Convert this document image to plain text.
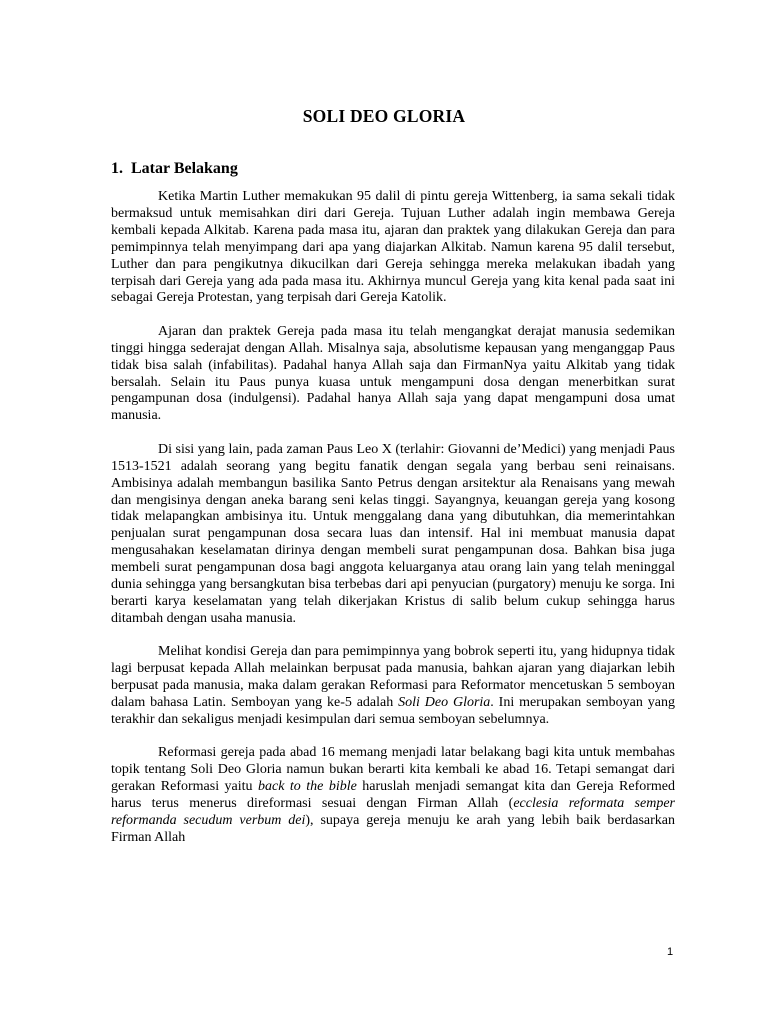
SOLI DEO GLORIA
1. Latar Belakang

Ketika Martin Luther memakukan 95 dalil di pintu gereja Wittenberg, ia sama sekali tidak bermaksud untuk memisahkan diri dari Gereja. Tujuan Luther adalah ingin membawa Gereja kembali kepada Alkitab. Karena pada masa itu, ajaran dan praktek yang dilakukan Gereja dan para pemimpinnya telah menyimpang dari apa yang diajarkan Alkitab. Namun karena 95 dalil tersebut, Luther dan para pengikutnya dikucilkan dari Gereja sehingga mereka melakukan ibadah yang terpisah dari Gereja yang ada pada masa itu. Akhirnya muncul Gereja yang kita kenal pada saat ini sebagai Gereja Protestan, yang terpisah dari Gereja Katolik.

Ajaran dan praktek Gereja pada masa itu telah mengangkat derajat manusia sedemikan tinggi hingga sederajat dengan Allah. Misalnya saja, absolutisme kepausan yang menganggap Paus tidak bisa salah (infabilitas). Padahal hanya Allah saja dan FirmanNya yaitu Alkitab yang tidak bersalah. Selain itu Paus punya kuasa untuk mengampuni dosa dengan menerbitkan surat pengampunan dosa (indulgensi). Padahal hanya Allah saja yang dapat mengampuni dosa umat manusia.

Di sisi yang lain, pada zaman Paus Leo X (terlahir: Giovanni de’Medici) yang menjadi Paus 1513-1521 adalah seorang yang begitu fanatik dengan segala yang berbau seni reinaisans. Ambisinya adalah membangun basilika Santo Petrus dengan arsitektur ala Renaisans yang mewah dan mengisinya dengan aneka barang seni kelas tinggi. Sayangnya, keuangan gereja yang kosong tidak melapangkan ambisinya itu. Untuk menggalang dana yang dibutuhkan, dia memerintahkan penjualan surat pengampunan dosa secara luas dan intensif. Hal ini membuat manusia dapat mengusahakan keselamatan dirinya dengan membeli surat pengampunan dosa. Bahkan bisa juga membeli surat pengampunan dosa bagi anggota keluarganya atau orang lain yang telah meninggal dunia sehingga yang bersangkutan bisa terbebas dari api penyucian (purgatory) menuju ke sorga. Ini berarti karya keselamatan yang telah dikerjakan Kristus di salib belum cukup sehingga harus ditambah dengan usaha manusia.

Melihat kondisi Gereja dan para pemimpinnya yang bobrok seperti itu, yang hidupnya tidak lagi berpusat kepada Allah melainkan berpusat pada manusia, bahkan ajaran yang diajarkan lebih berpusat pada manusia, maka dalam gerakan Reformasi para Reformator mencetuskan 5 semboyan dalam bahasa Latin. Semboyan yang ke-5 adalah Soli Deo Gloria. Ini merupakan semboyan yang terakhir dan sekaligus menjadi kesimpulan dari semua semboyan sebelumnya.

Reformasi gereja pada abad 16 memang menjadi latar belakang bagi kita untuk membahas topik tentang Soli Deo Gloria namun bukan berarti kita kembali ke abad 16. Tetapi semangat dari gerakan Reformasi yaitu back to the bible haruslah menjadi semangat kita dan Gereja Reformed harus terus menerus direformasi sesuai dengan Firman Allah (ecclesia reformata semper reformanda secudum verbum dei), supaya gereja menuju ke arah yang lebih baik berdasarkan Firman Allah

1
